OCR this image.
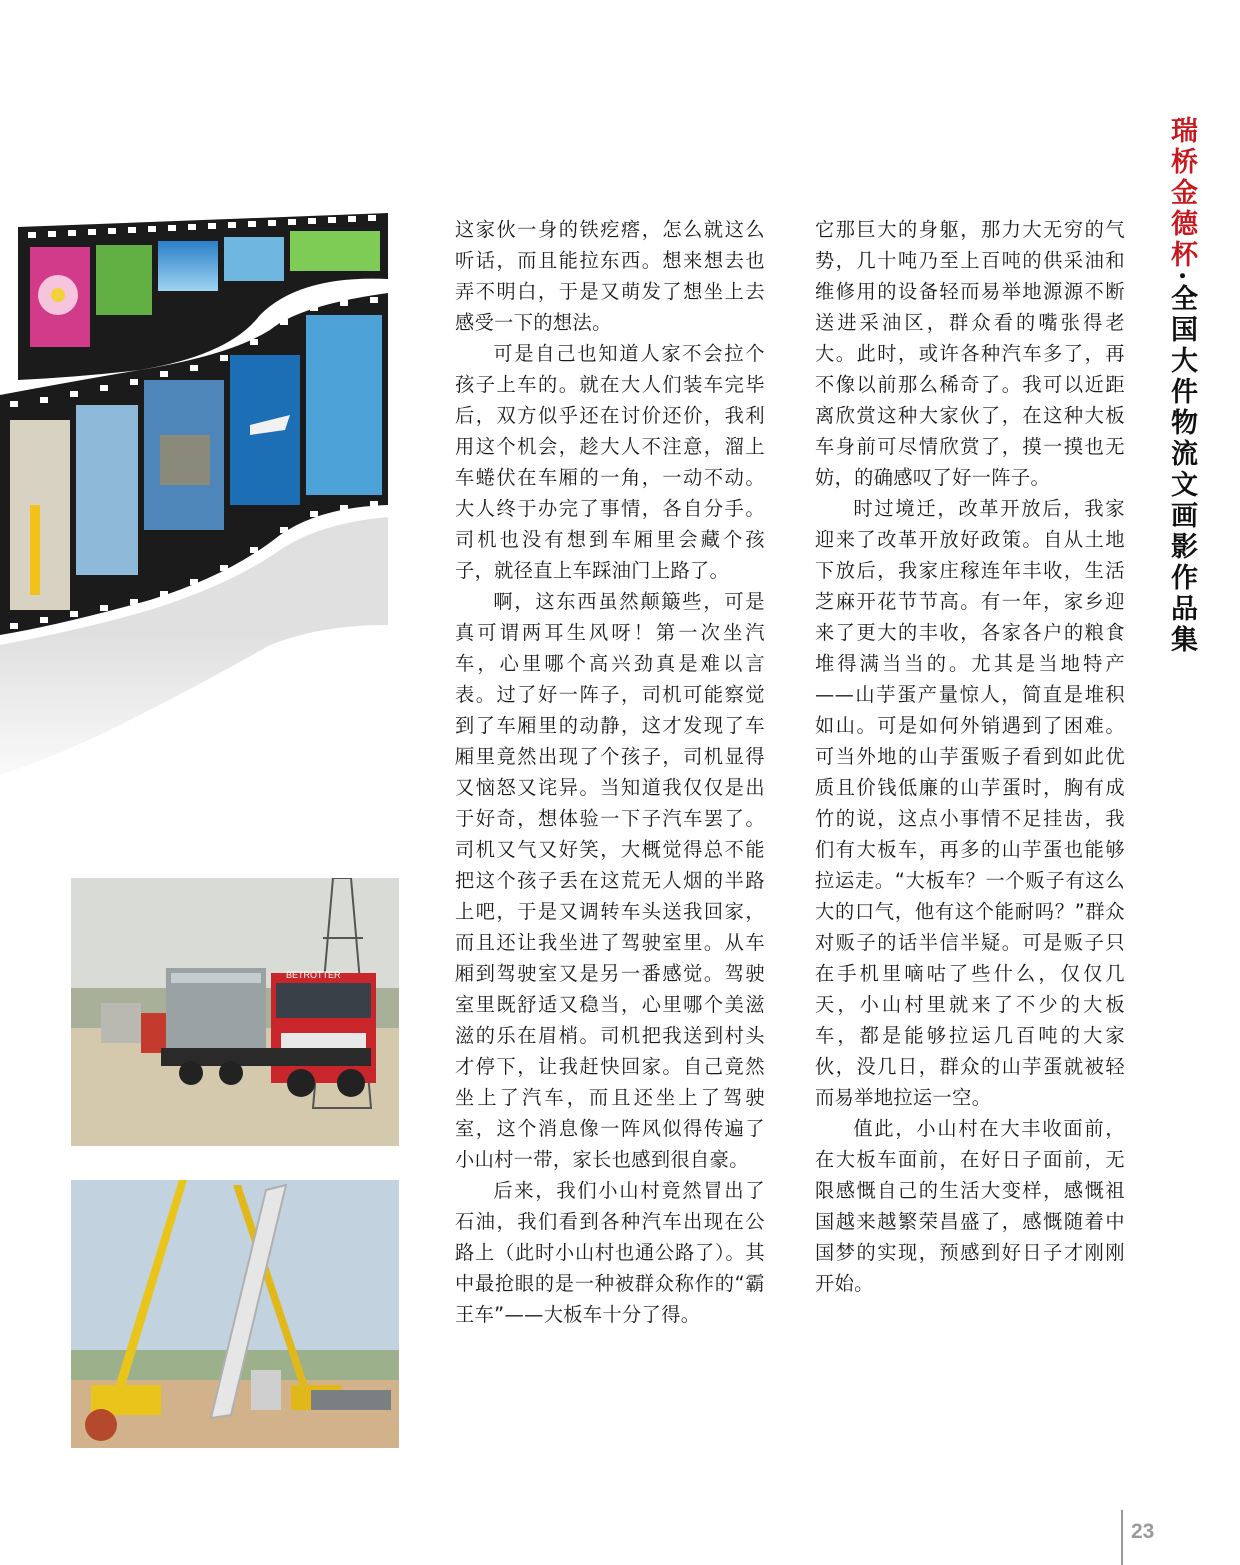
BETROTTER

这家伙一身的铁疙瘩，怎么就这么听话，而且能拉东西。想来想去也弄不明白，于是又萌发了想坐上去感受一下的想法。

可是自己也知道人家不会拉个孩子上车的。就在大人们装车完毕后，双方似乎还在讨价还价，我利用这个机会，趁大人不注意，溜上车蜷伏在车厢的一角，一动不动。大人终于办完了事情，各自分手。司机也没有想到车厢里会藏个孩子，就径直上车踩油门上路了。

啊，这东西虽然颠簸些，可是真可谓两耳生风呀！第一次坐汽车，心里哪个高兴劲真是难以言表。过了好一阵子，司机可能察觉到了车厢里的动静，这才发现了车厢里竟然出现了个孩子，司机显得又恼怒又诧异。当知道我仅仅是出于好奇，想体验一下子汽车罢了。司机又气又好笑，大概觉得总不能把这个孩子丢在这荒无人烟的半路上吧，于是又调转车头送我回家，而且还让我坐进了驾驶室里。从车厢到驾驶室又是另一番感觉。驾驶室里既舒适又稳当，心里哪个美滋滋的乐在眉梢。司机把我送到村头才停下，让我赶快回家。自己竟然坐上了汽车，而且还坐上了驾驶室，这个消息像一阵风似得传遍了小山村一带，家长也感到很自豪。

后来，我们小山村竟然冒出了石油，我们看到各种汽车出现在公路上（此时小山村也通公路了）。其中最抢眼的是一种被群众称作的“霸王车”——大板车十分了得。

它那巨大的身躯，那力大无穷的气势，几十吨乃至上百吨的供采油和维修用的设备轻而易举地源源不断送进采油区，群众看的嘴张得老大。此时，或许各种汽车多了，再不像以前那么稀奇了。我可以近距离欣赏这种大家伙了，在这种大板车身前可尽情欣赏了，摸一摸也无妨，的确感叹了好一阵子。

时过境迁，改革开放后，我家迎来了改革开放好政策。自从土地下放后，我家庄稼连年丰收，生活芝麻开花节节高。有一年，家乡迎来了更大的丰收，各家各户的粮食堆得满当当的。尤其是当地特产——山芋蛋产量惊人，简直是堆积如山。可是如何外销遇到了困难。可当外地的山芋蛋贩子看到如此优质且价钱低廉的山芋蛋时，胸有成竹的说，这点小事情不足挂齿，我们有大板车，再多的山芋蛋也能够拉运走。“大板车？一个贩子有这么大的口气，他有这个能耐吗？”群众对贩子的话半信半疑。可是贩子只在手机里嘀咕了些什么，仅仅几天，小山村里就来了不少的大板车，都是能够拉运几百吨的大家伙，没几日，群众的山芋蛋就被轻而易举地拉运一空。

值此，小山村在大丰收面前，在大板车面前，在好日子面前，无限感慨自己的生活大变样，感慨祖国越来越繁荣昌盛了，感慨随着中国梦的实现，预感到好日子才刚刚开始。

瑞桥金德杯·全国大件物流文画影作品集
23
